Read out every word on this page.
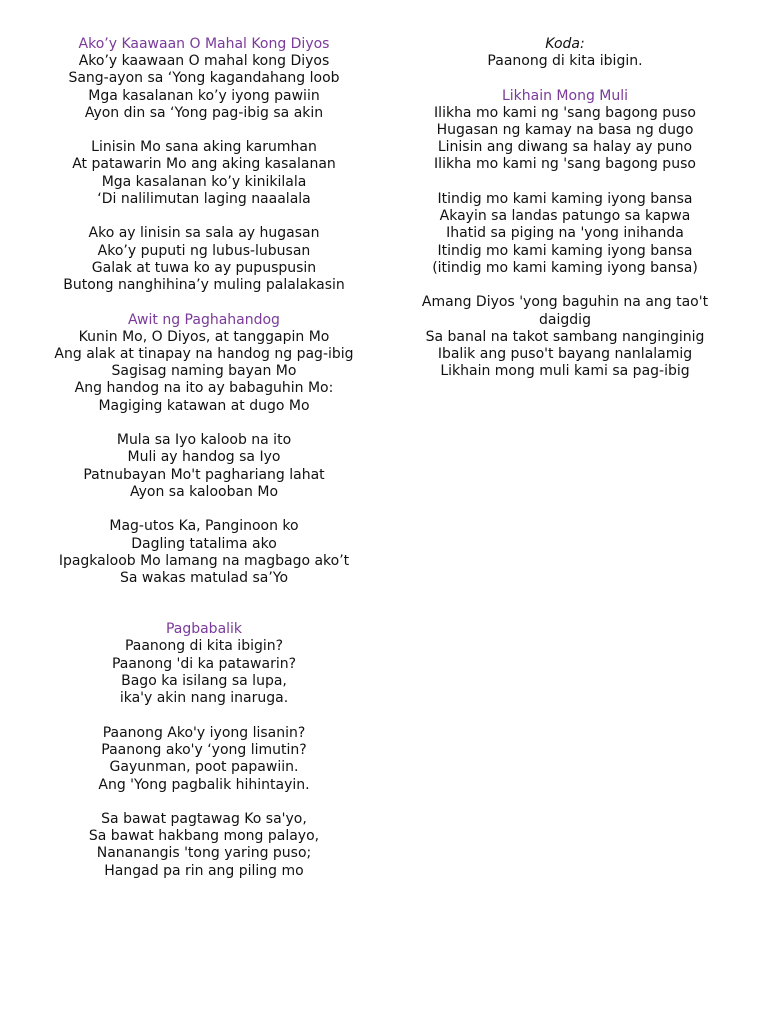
Ako’y Kaawaan O Mahal Kong Diyos
Ako’y kaawaan O mahal kong Diyos
Sang-ayon sa ‘Yong kagandahang loob
Mga kasalanan ko’y iyong pawiin
Ayon din sa ‘Yong pag-ibig sa akin
Linisin Mo sana aking karumhan
At patawarin Mo ang aking kasalanan
Mga kasalanan ko’y kinikilala
‘Di nalilimutan laging naaalala
Ako ay linisin sa sala ay hugasan
Ako’y puputi ng lubus-lubusan
Galak at tuwa ko ay pupuspusin
Butong nanghihina’y muling palalakasin
Awit ng Paghahandog
Kunin Mo, O Diyos, at tanggapin Mo
Ang alak at tinapay na handog ng pag-ibig
Sagisag naming bayan Mo
Ang handog na ito ay babaguhin Mo:
Magiging katawan at dugo Mo
Mula sa Iyo kaloob na ito
Muli ay handog sa Iyo
Patnubayan Mo't paghariang lahat
Ayon sa kalooban Mo
Mag-utos Ka, Panginoon ko
Dagling tatalima ako
Ipagkaloob Mo lamang na magbago ako’t
Sa wakas matulad sa’Yo
Pagbabalik
Paanong di kita ibigin?
Paanong 'di ka patawarin?
Bago ka isilang sa lupa,
ika'y akin nang inaruga.
Paanong Ako'y iyong lisanin?
Paanong ako'y ‘yong limutin?
Gayunman, poot papawiin.
Ang 'Yong pagbalik hihintayin.
Sa bawat pagtawag Ko sa'yo,
Sa bawat hakbang mong palayo,
Nananangis 'tong yaring puso;
Hangad pa rin ang piling mo
Koda:
Paanong di kita ibigin.
Likhain Mong Muli
Ilikha mo kami ng 'sang bagong puso
Hugasan ng kamay na basa ng dugo
Linisin ang diwang sa halay ay puno
Ilikha mo kami ng 'sang bagong puso
Itindig mo kami kaming iyong bansa
Akayin sa landas patungo sa kapwa
Ihatid sa piging na 'yong inihanda
Itindig mo kami kaming iyong bansa
(itindig mo kami kaming iyong bansa)
Amang Diyos 'yong baguhin na ang tao't daigdig
Sa banal na takot sambang nanginginig
Ibalik ang puso't bayang nanlalamig
Likhain mong muli kami sa pag-ibig
